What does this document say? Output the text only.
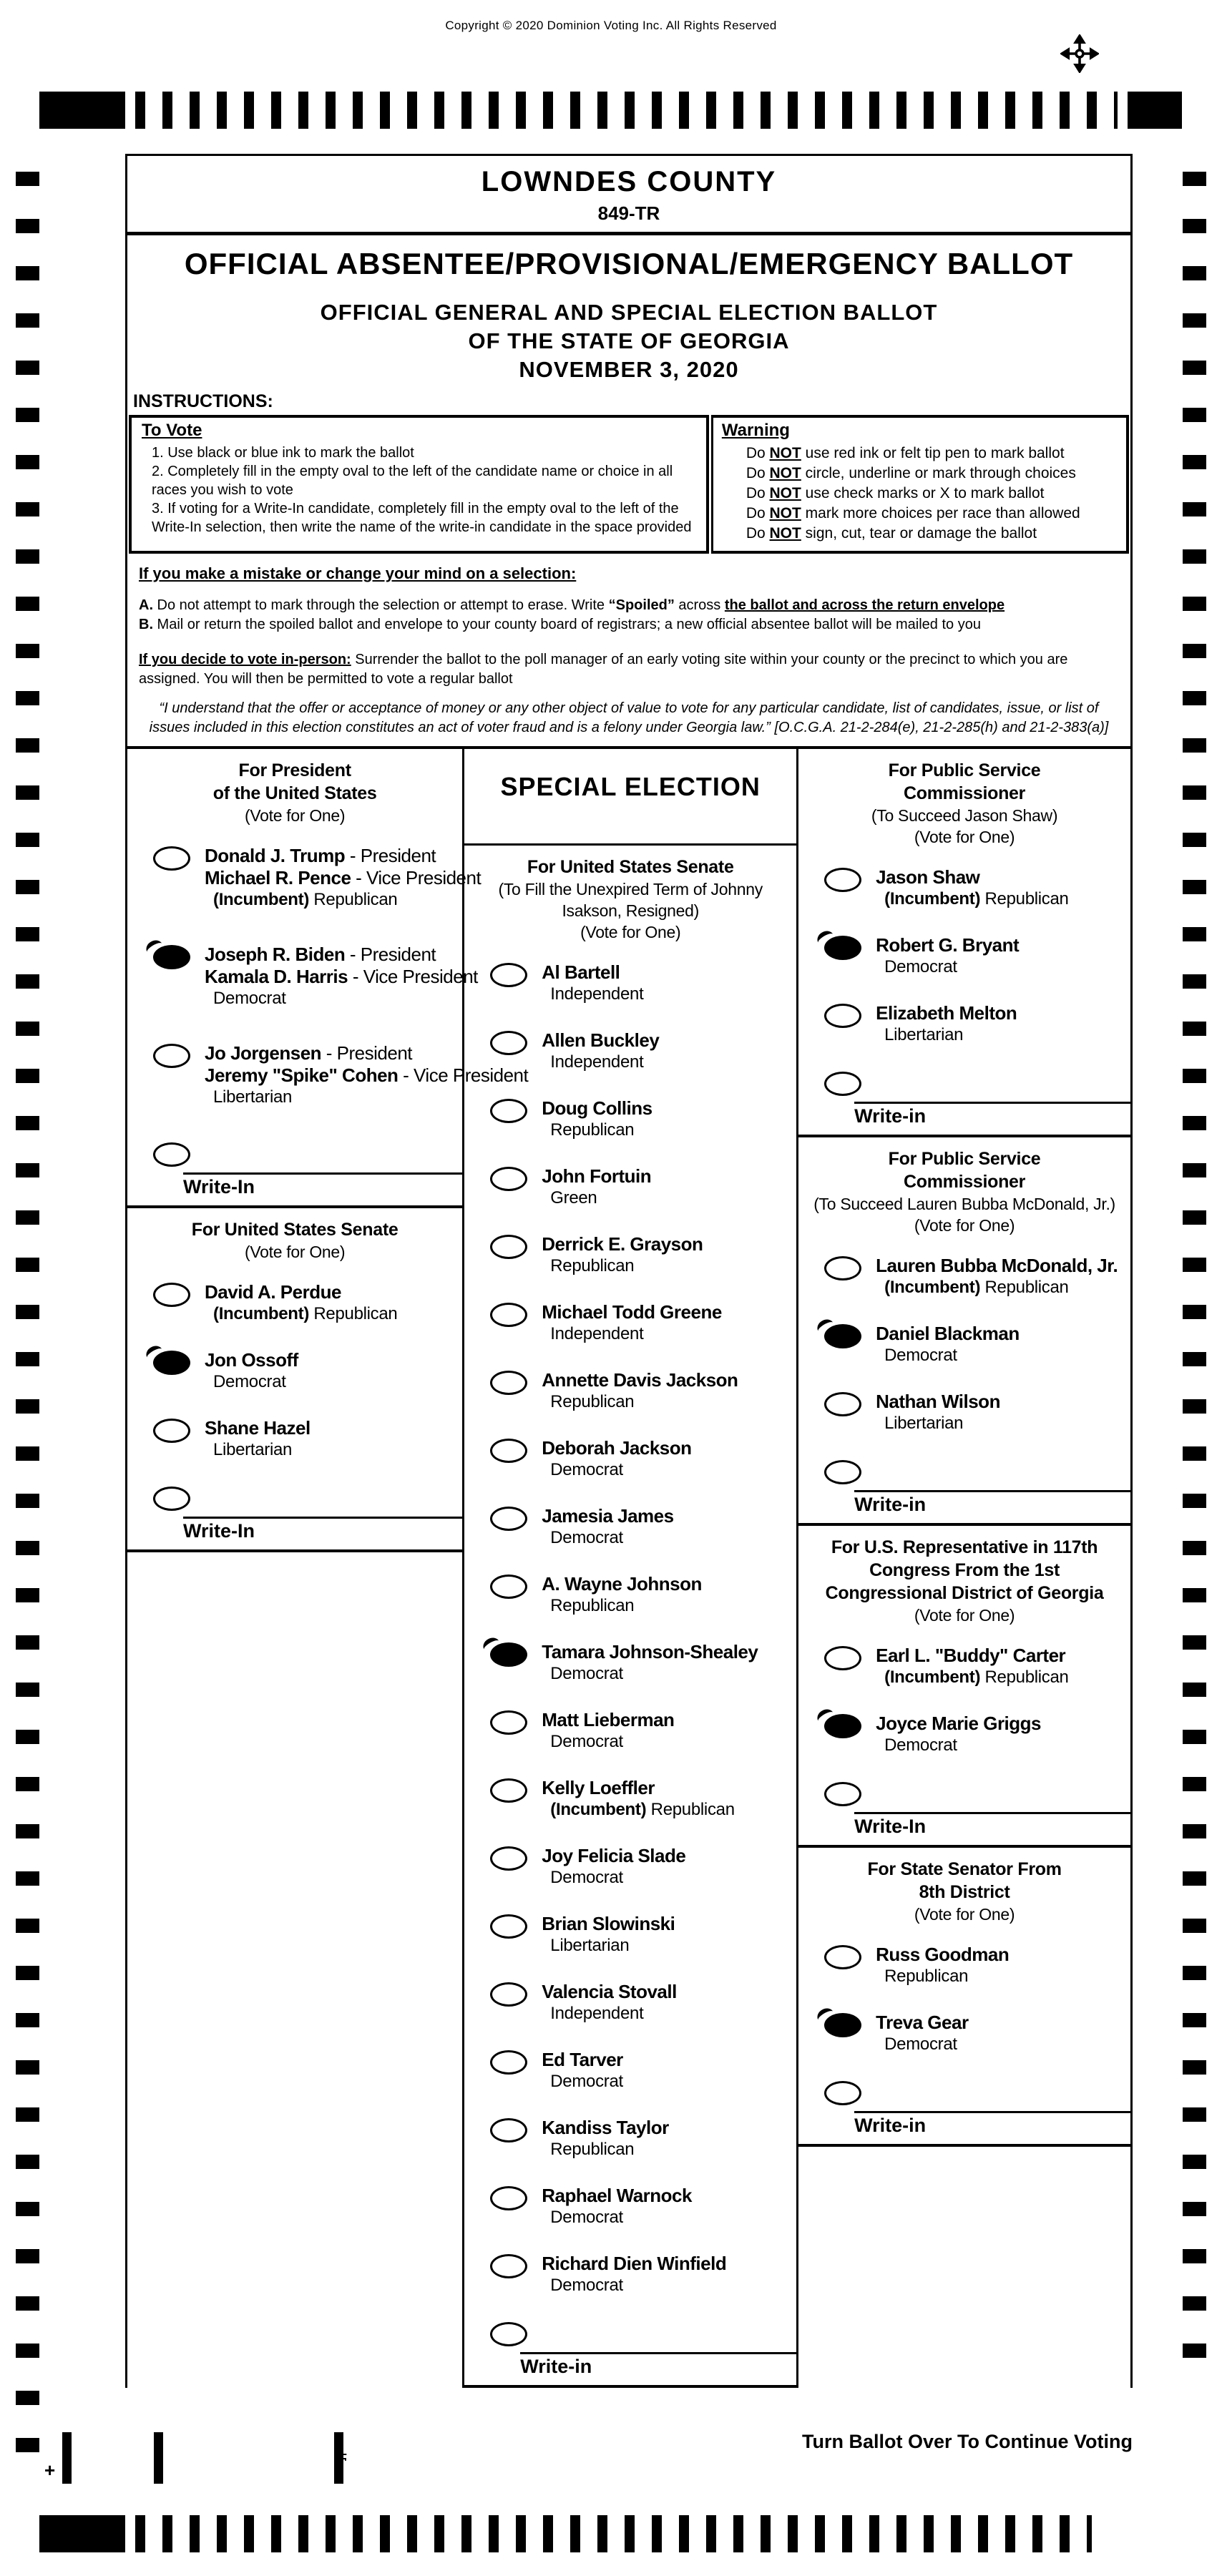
Copyright © 2020 Dominion Voting Inc. All Rights Reserved
LOWNDES COUNTY
849-TR
OFFICIAL ABSENTEE/PROVISIONAL/EMERGENCY BALLOT
OFFICIAL GENERAL AND SPECIAL ELECTION BALLOT
OF THE STATE OF GEORGIA
NOVEMBER 3, 2020
INSTRUCTIONS:
To Vote
1. Use black or blue ink to mark the ballot
2. Completely fill in the empty oval to the left of the candidate name or choice in all races you wish to vote
3. If voting for a Write-In candidate, completely fill in the empty oval to the left of the Write-In selection, then write the name of the write-in candidate in the space provided
Warning
Do NOT use red ink or felt tip pen to mark ballot
Do NOT circle, underline or mark through choices
Do NOT use check marks or X to mark ballot
Do NOT mark more choices per race than allowed
Do NOT sign, cut, tear or damage the ballot
If you make a mistake or change your mind on a selection:
A. Do not attempt to mark through the selection or attempt to erase. Write “Spoiled” across the ballot and across the return envelope
B. Mail or return the spoiled ballot and envelope to your county board of registrars; a new official absentee ballot will be mailed to you
If you decide to vote in-person: Surrender the ballot to the poll manager of an early voting site within your county or the precinct to which you are assigned. You will then be permitted to vote a regular ballot
“I understand that the offer or acceptance of money or any other object of value to vote for any particular candidate, list of candidates, issue, or list of issues included in this election constitutes an act of voter fraud and is a felony under Georgia law.” [O.C.G.A. 21-2-284(e), 21-2-285(h) and 21-2-383(a)]
For President
of the United States
(Vote for One)
Donald J. Trump - President
Michael R. Pence - Vice President
(Incumbent) Republican
Joseph R. Biden - President
Kamala D. Harris - Vice President
Democrat
Jo Jorgensen - President
Jeremy "Spike" Cohen - Vice President
Libertarian
Write-In
For United States Senate
(Vote for One)
David A. Perdue
(Incumbent) Republican
Jon Ossoff
Democrat
Shane Hazel
Libertarian
Write-In
SPECIAL ELECTION
For United States Senate
(To Fill the Unexpired Term of Johnny
Isakson, Resigned)
(Vote for One)
Al Bartell
Independent
Allen Buckley
Independent
Doug Collins
Republican
John Fortuin
Green
Derrick E. Grayson
Republican
Michael Todd Greene
Independent
Annette Davis Jackson
Republican
Deborah Jackson
Democrat
Jamesia James
Democrat
A. Wayne Johnson
Republican
Tamara Johnson-Shealey
Democrat
Matt Lieberman
Democrat
Kelly Loeffler
(Incumbent) Republican
Joy Felicia Slade
Democrat
Brian Slowinski
Libertarian
Valencia Stovall
Independent
Ed Tarver
Democrat
Kandiss Taylor
Republican
Raphael Warnock
Democrat
Richard Dien Winfield
Democrat
Write-in
For Public Service
Commissioner
(To Succeed Jason Shaw)
(Vote for One)
Jason Shaw
(Incumbent) Republican
Robert G. Bryant
Democrat
Elizabeth Melton
Libertarian
Write-in
For Public Service
Commissioner
(To Succeed Lauren Bubba McDonald, Jr.)
(Vote for One)
Lauren Bubba McDonald, Jr.
(Incumbent) Republican
Daniel Blackman
Democrat
Nathan Wilson
Libertarian
Write-in
For U.S. Representative in 117th
Congress From the 1st
Congressional District of Georgia
(Vote for One)
Earl L. "Buddy" Carter
(Incumbent) Republican
Joyce Marie Griggs
Democrat
Write-In
For State Senator From
8th District
(Vote for One)
Russ Goodman
Republican
Treva Gear
Democrat
Write-in
+
ϝ
Turn Ballot Over To Continue Voting
